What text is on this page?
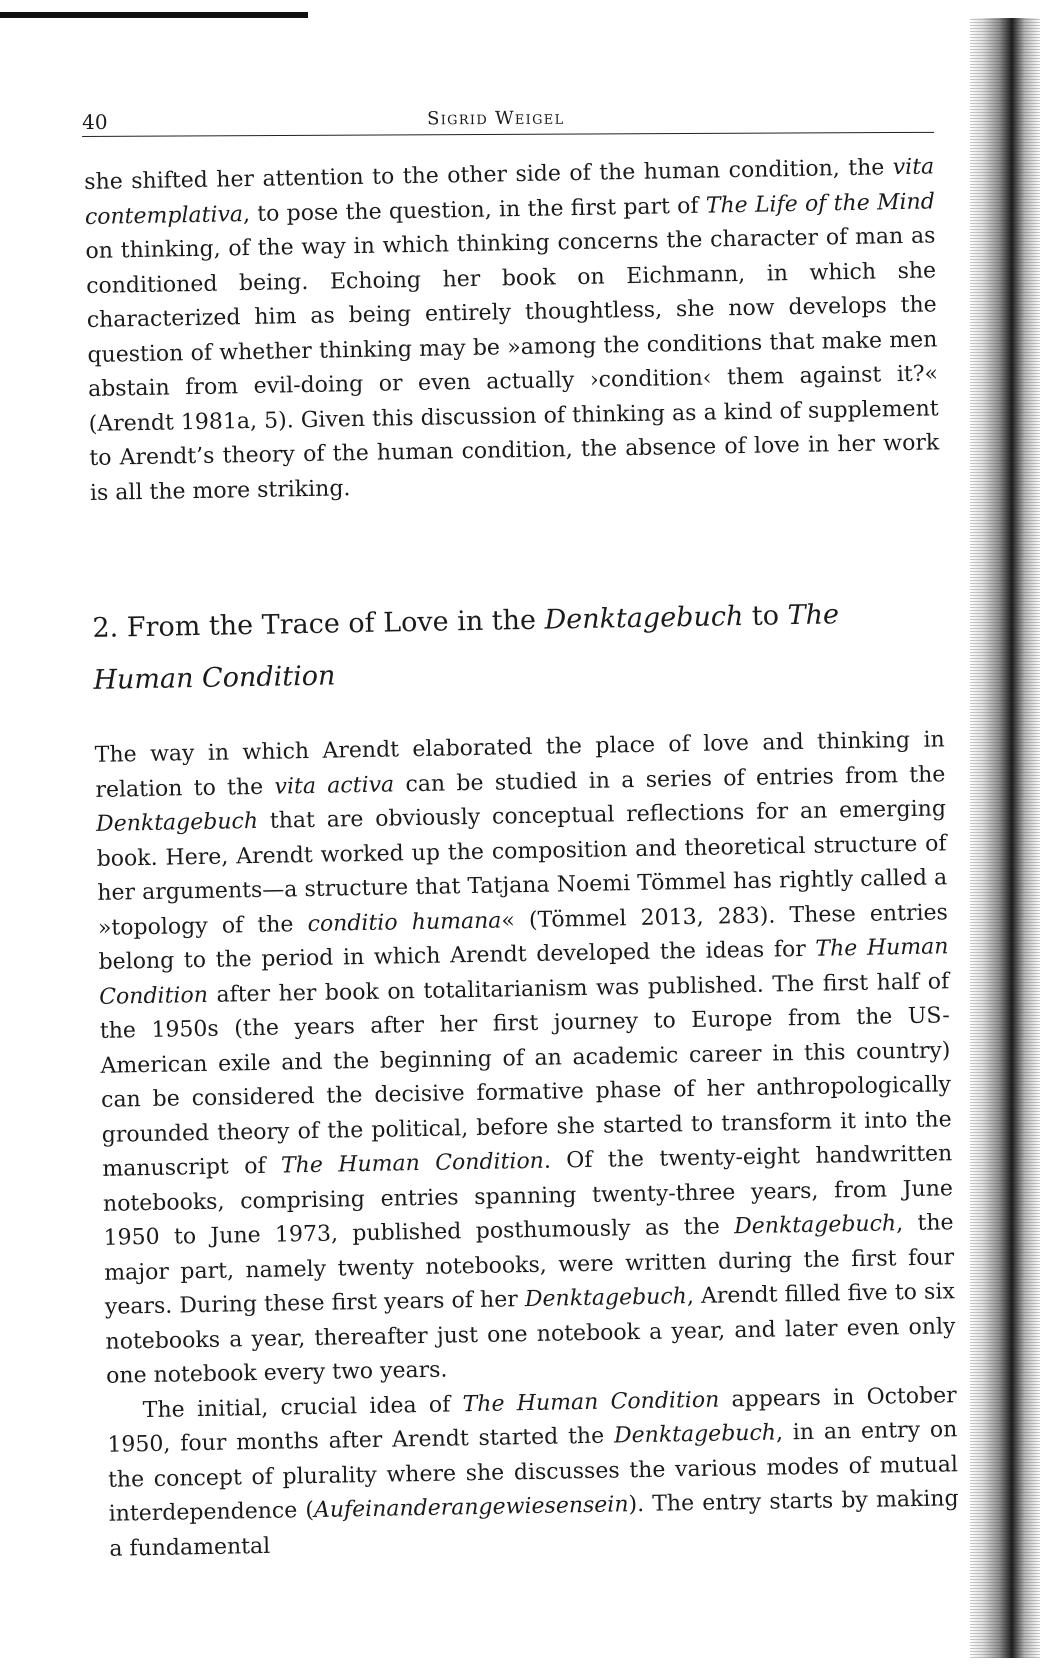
40	Sigrid Weigel

she shifted her attention to the other side of the human condition, the vita contemplativa, to pose the question, in the first part of The Life of the Mind on thinking, of the way in which thinking concerns the character of man as conditioned being. Echoing her book on Eichmann, in which she characterized him as being entirely thoughtless, she now develops the question of whether thinking may be »among the conditions that make men abstain from evil-doing or even actually ›condition‹ them against it?« (Arendt 1981a, 5). Given this discussion of thinking as a kind of supplement to Arendt’s theory of the human condition, the absence of love in her work is all the more striking.

2. From the Trace of Love in the Denktagebuch to The Human Condition

The way in which Arendt elaborated the place of love and thinking in relation to the vita activa can be studied in a series of entries from the Denktagebuch that are obviously conceptual reflections for an emerging book. Here, Arendt worked up the composition and theoretical structure of her arguments—a structure that Tatjana Noemi Tömmel has rightly called a »topology of the conditio humana« (Tömmel 2013, 283). These entries belong to the period in which Arendt developed the ideas for The Human Condition after her book on totalitarianism was published. The first half of the 1950s (the years after her first journey to Europe from the US-American exile and the beginning of an academic career in this country) can be considered the decisive formative phase of her anthropologically grounded theory of the political, before she started to transform it into the manuscript of The Human Condition. Of the twenty-eight handwritten notebooks, comprising entries spanning twenty-three years, from June 1950 to June 1973, published posthumously as the Denktagebuch, the major part, namely twenty notebooks, were written during the first four years. During these first years of her Denktagebuch, Arendt filled five to six notebooks a year, thereafter just one notebook a year, and later even only one notebook every two years.

The initial, crucial idea of The Human Condition appears in October 1950, four months after Arendt started the Denktagebuch, in an entry on the concept of plurality where she discusses the various modes of mutual interdependence (Aufeinanderangewiesensein). The entry starts by making a fundamental
